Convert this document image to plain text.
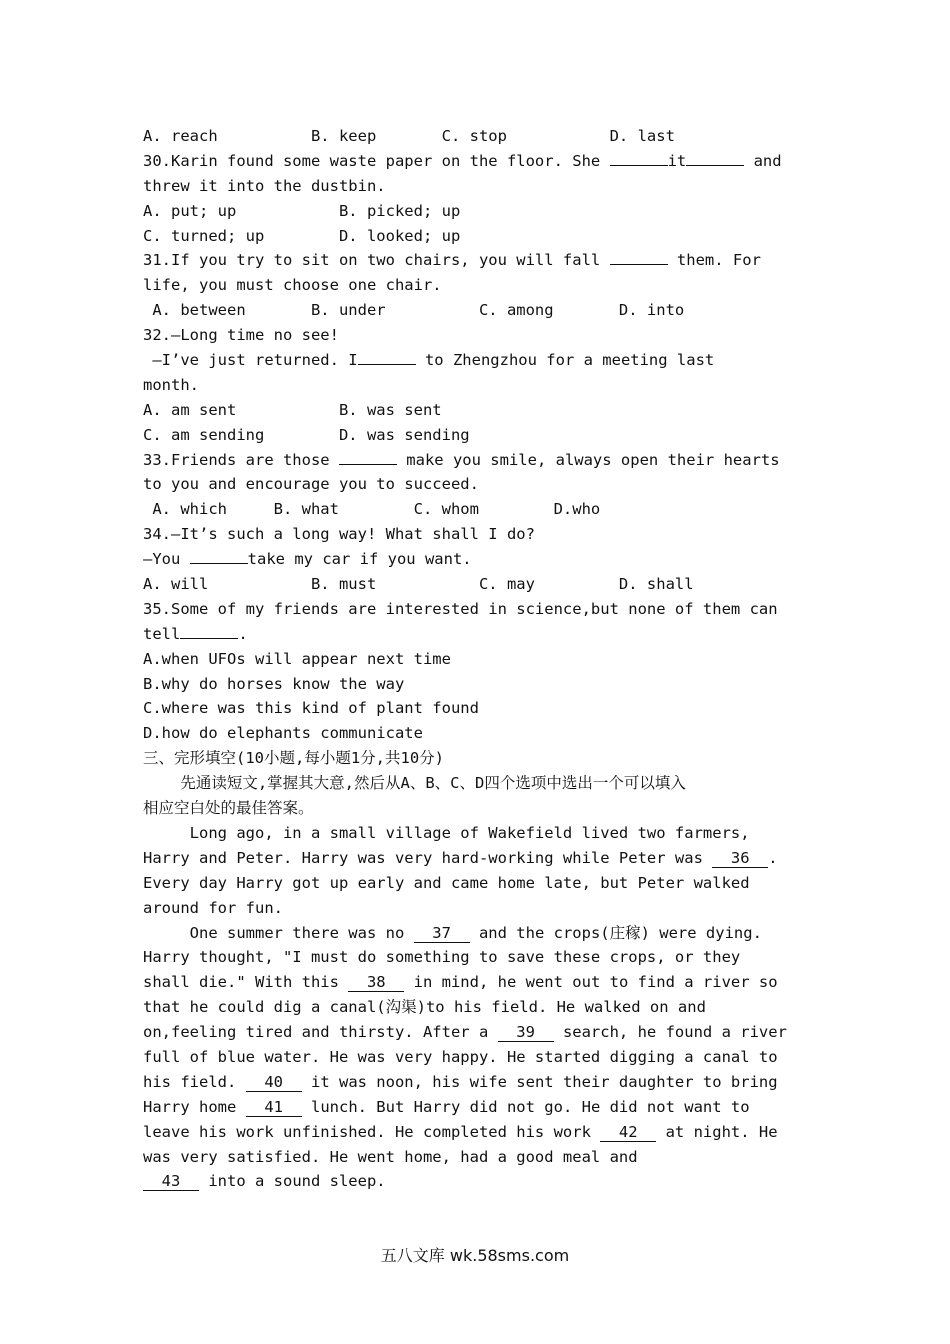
A. reach          B. keep       C. stop           D. last
30.Karin found some waste paper on the floor. She	it	and
threw it into the dustbin.
A. put; up           B. picked; up
C. turned; up        D. looked; up
31.If you try to sit on two chairs, you will fall	them. For
life, you must choose one chair.
A. between       B. under          C. among       D. into
32.—Long time no see!
—I’ve just returned. I	to Zhengzhou for a meeting last
month.
A. am sent           B. was sent
C. am sending        D. was sending
33.Friends are those	make you smile, always open their hearts
to you and encourage you to succeed.
A. which     B. what        C. whom        D.who
34.—It’s such a long way! What shall I do?
—You	take my car if you want.
A. will           B. must           C. may         D. shall
35.Some of my friends are interested in science,but none of them can
tell	.
A.when UFOs will appear next time
B.why do horses know the way
C.where was this kind of plant found
D.how do elephants communicate
三、完形填空(10小题,每小题1分,共10分)
先通读短文,掌握其大意,然后从A、B、C、D四个选项中选出一个可以填入
相应空白处的最佳答案。
Long ago, in a small village of Wakefield lived two farmers,
Harry and Peter. Harry was very hard-working while Peter was 36 .
Every day Harry got up early and came home late, but Peter walked
around for fun.
One summer there was no 37 and the crops(庄稼) were dying.
Harry thought, "I must do something to save these crops, or they
shall die." With this 38 in mind, he went out to find a river so
that he could dig a canal(沟渠)to his field. He walked on and
on,feeling tired and thirsty. After a 39 search, he found a river
full of blue water. He was very happy. He started digging a canal to
his field. 40 it was noon, his wife sent their daughter to bring
Harry home 41 lunch. But Harry did not go. He did not want to
leave his work unfinished. He completed his work 42 at night. He
was very satisfied. He went home, had a good meal and
43 into a sound sleep.
五八文库 wk.58sms.com
